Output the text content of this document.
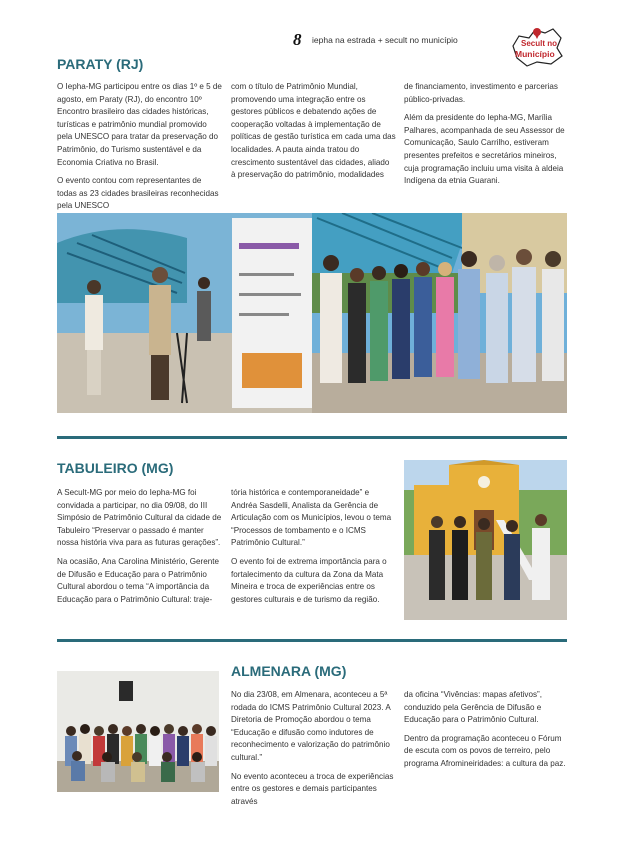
8 iepha na estrada + secult no município	Secult no
Município
PARATY (RJ)

O Iepha-MG participou entre os dias 1º e 5 de agosto, em Paraty (RJ), do encontro 10º Encontro brasileiro das cidades históricas, turísticas e patrimônio mundial promovido pela UNESCO para tratar da preservação do Patrimônio, do Turismo sustentável e da Economia Criativa no Brasil.

O evento contou com representantes de todas as 23 cidades brasileiras reconhecidas pela UNESCO

com o título de Patrimônio Mundial, promovendo uma integração entre os gestores públicos e debatendo ações de cooperação voltadas à implementação de políticas de gestão turística em cada uma das localidades. A pauta ainda tratou do crescimento sustentável das cidades, aliado à preservação do patrimônio, modalidades

de financiamento, investimento e parcerias público-privadas.

Além da presidente do Iepha-MG, Marília Palhares, acompanhada de seu Assessor de Comunicação, Saulo Carrilho, estiveram presentes prefeitos e secretários mineiros, cuja programação incluiu uma visita à aldeia Indígena da etnia Guarani.

TABULEIRO (MG)

A Secult-MG por meio do Iepha-MG foi convidada a participar, no dia 09/08, do III Simpósio de Patrimônio Cultural da cidade de Tabuleiro “Preservar o passado é manter nossa história viva para as futuras gerações”.

Na ocasião, Ana Carolina Ministério, Gerente de Difusão e Educação para o Patrimônio Cultural abordou o tema “A importância da Educação para o Patrimônio Cultural: traje-

tória histórica e contemporaneidade” e Andréa Sasdelli, Analista da Gerência de Articulação com os Municípios, levou o tema “Processos de tombamento e o ICMS Patrimônio Cultural.”

O evento foi de extrema importância para o fortalecimento da cultura da Zona da Mata Mineira e troca de experiências entre os gestores culturais e de turismo da região.

ALMENARA (MG)

No dia 23/08, em Almenara, aconteceu a 5ª rodada do ICMS Patrimônio Cultural 2023. A Diretoria de Promoção abordou o tema “Educação e difusão como indutores de reconhecimento e valorização do patrimônio cultural.”

No evento aconteceu a troca de experiências entre os gestores e demais participantes através

da oficina “Vivências: mapas afetivos”, conduzido pela Gerência de Difusão e Educação para o Patrimônio Cultural.

Dentro da programação aconteceu o Fórum de escuta com os povos de terreiro, pelo programa Afromineiridades: a cultura da paz.
